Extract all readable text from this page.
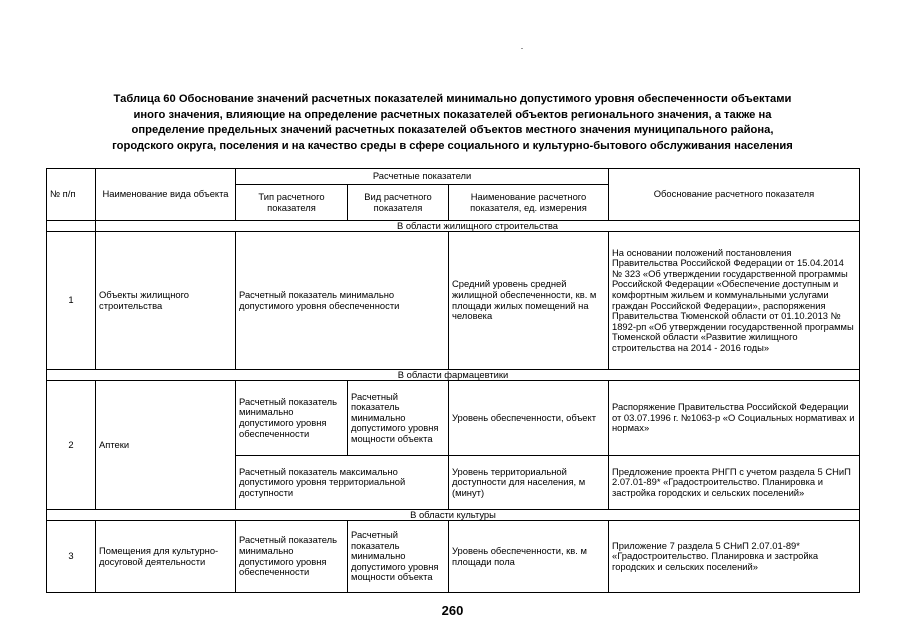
Таблица 60 Обоснование значений расчетных показателей минимально допустимого уровня обеспеченности объектами
иного значения, влияющие на определение расчетных показателей объектов регионального значения, а также на
определение предельных значений расчетных показателей объектов местного значения муниципального района,
городского округа, поселения и на качество среды в сфере социального и культурно-бытового обслуживания населения
№ п/п	Наименование вида объекта	Расчетные показатели			Обоснование расчетного показателя
		Тип расчетного показателя	Вид расчетного показателя	Наименование расчетного показателя, ед. измерения	
	В области жилищного строительства				
1	Объекты жилищного строительства	Расчетный показатель минимально допустимого уровня обеспеченности		Средний уровень средней жилищной обеспеченности, кв. м площади жилых помещений на человека	На основании положений постановления Правительства Российской Федерации от 15.04.2014 № 323 «Об утверждении государственной программы Российской Федерации «Обеспечение доступным и комфортным жильем и коммунальными услугами граждан Российской Федерации», распоряжения Правительства Тюменской области от 01.10.2013 № 1892-рп «Об утверждении государственной программы Тюменской области «Развитие жилищного строительства на 2014 - 2016 годы»
В области фармацевтики					
2	Аптеки	Расчетный показатель минимально допустимого уровня обеспеченности	Расчетный показатель минимально допустимого уровня мощности объекта	Уровень обеспеченности, объект	Распоряжение Правительства Российской Федерации от 03.07.1996 г. №1063-р «О Социальных нормативах и нормах»
		Расчетный показатель максимально допустимого уровня территориальной доступности		Уровень территориальной доступности для населения, м (минут)	Предложение проекта РНГП с учетом раздела 5 СНиП 2.07.01-89* «Градостроительство. Планировка и застройка городских и сельских поселений»
В области культуры					
3	Помещения для культурно-досуговой деятельности	Расчетный показатель минимально допустимого уровня обеспеченности	Расчетный показатель минимально допустимого уровня мощности объекта	Уровень обеспеченности, кв. м площади пола	Приложение 7 раздела 5 СНиП 2.07.01-89* «Градостроительство. Планировка и застройка городских и сельских поселений»
260
